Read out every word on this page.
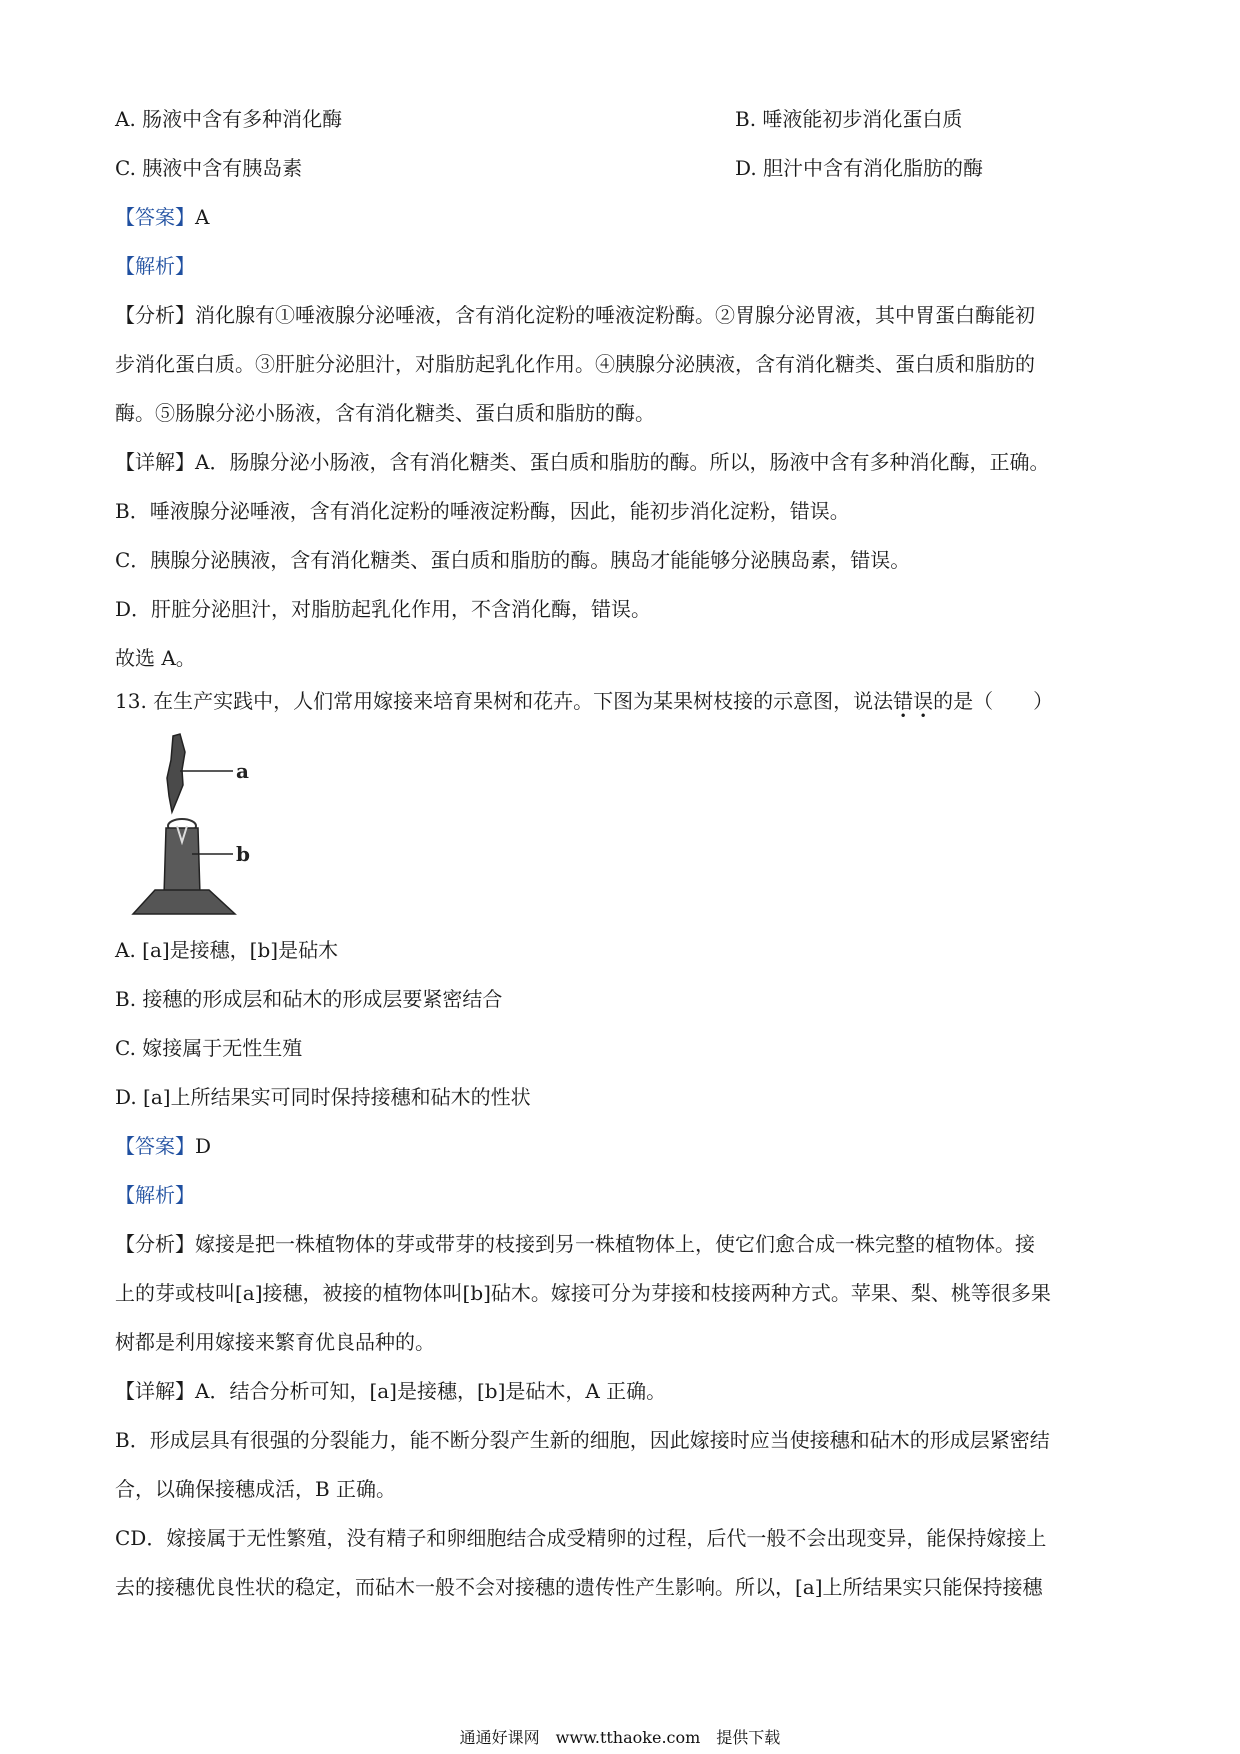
A. 肠液中含有多种消化酶	B. 唾液能初步消化蛋白质
C. 胰液中含有胰岛素	D. 胆汁中含有消化脂肪的酶
【答案】A
【解析】
【分析】消化腺有①唾液腺分泌唾液，含有消化淀粉的唾液淀粉酶。②胃腺分泌胃液，其中胃蛋白酶能初
步消化蛋白质。③肝脏分泌胆汁，对脂肪起乳化作用。④胰腺分泌胰液，含有消化糖类、蛋白质和脂肪的
酶。⑤肠腺分泌小肠液，含有消化糖类、蛋白质和脂肪的酶。
【详解】A．肠腺分泌小肠液，含有消化糖类、蛋白质和脂肪的酶。所以，肠液中含有多种消化酶，正确。
B．唾液腺分泌唾液，含有消化淀粉的唾液淀粉酶，因此，能初步消化淀粉，错误。
C．胰腺分泌胰液，含有消化糖类、蛋白质和脂肪的酶。胰岛才能能够分泌胰岛素，错误。
D．肝脏分泌胆汁，对脂肪起乳化作用，不含消化酶，错误。
故选 A。
13. 在生产实践中，人们常用嫁接来培育果树和花卉。下图为某果树枝接的示意图，说法错
•
误
•
的是（　　）
a
b
A. [a]是接穗，[b]是砧木
B. 接穗的形成层和砧木的形成层要紧密结合
C. 嫁接属于无性生殖
D. [a]上所结果实可同时保持接穗和砧木的性状
【答案】D
【解析】
【分析】嫁接是把一株植物体的芽或带芽的枝接到另一株植物体上，使它们愈合成一株完整的植物体。接
上的芽或枝叫[a]接穗，被接的植物体叫[b]砧木。嫁接可分为芽接和枝接两种方式。苹果、梨、桃等很多果
树都是利用嫁接来繁育优良品种的。
【详解】A．结合分析可知，[a]是接穗，[b]是砧木，A 正确。
B．形成层具有很强的分裂能力，能不断分裂产生新的细胞，因此嫁接时应当使接穗和砧木的形成层紧密结
合，以确保接穗成活，B 正确。
CD．嫁接属于无性繁殖，没有精子和卵细胞结合成受精卵的过程，后代一般不会出现变异，能保持嫁接上
去的接穗优良性状的稳定，而砧木一般不会对接穗的遗传性产生影响。所以，[a]上所结果实只能保持接穗
通通好课网　www.tthaoke.com　提供下载
